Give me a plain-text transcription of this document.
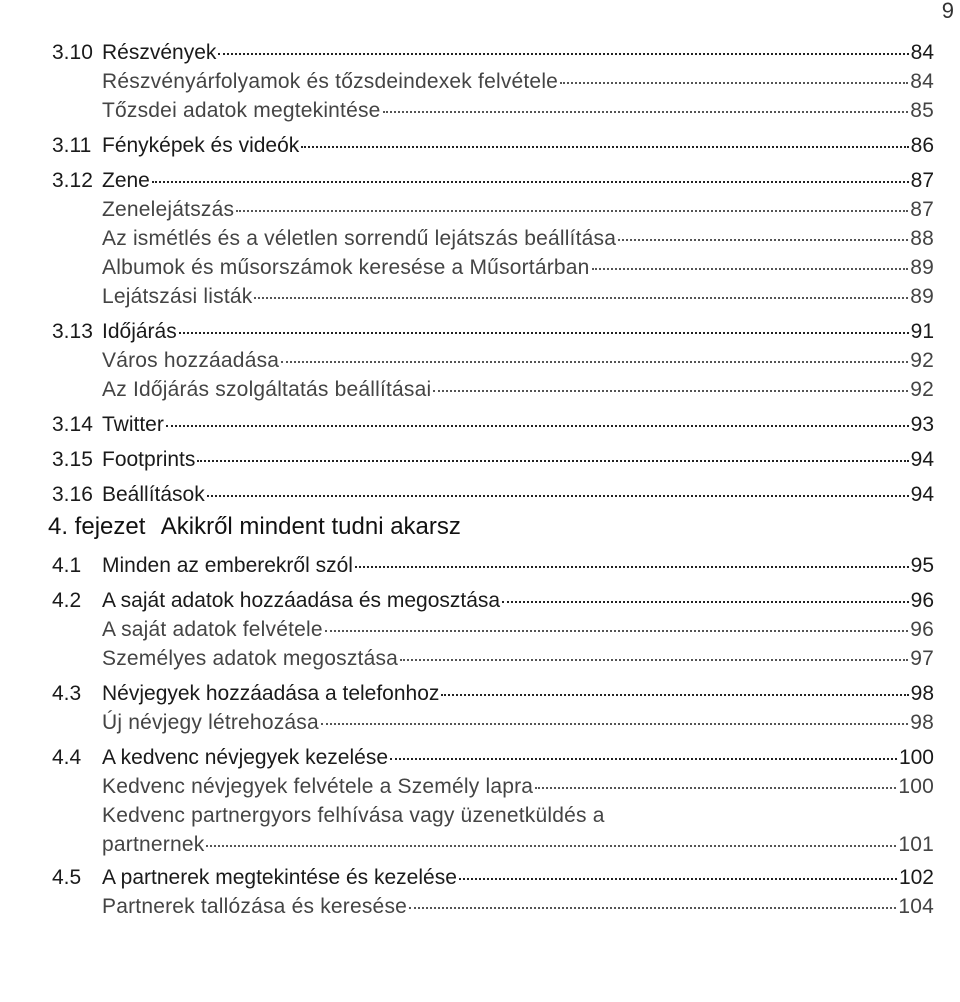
9
3.10 Részvények	84
Részvényárfolyamok és tőzsdeindexek felvétele	84
Tőzsdei adatok megtekintése	85
3.11 Fényképek és videók	86
3.12 Zene	87
Zenelejátszás	87
Az ismétlés és a véletlen sorrendű lejátszás beállítása	88
Albumok és műsorszámok keresése a Műsortárban	89
Lejátszási listák	89
3.13 Időjárás	91
Város hozzáadása	92
Az Időjárás szolgáltatás beállításai	92
3.14 Twitter	93
3.15 Footprints	94
3.16 Beállítások	94
4. fejezet Akikről mindent tudni akarsz
4.1 Minden az emberekről szól	95
4.2 A saját adatok hozzáadása és megosztása	96
A saját adatok felvétele	96
Személyes adatok megosztása	97
4.3 Névjegyek hozzáadása a telefonhoz	98
Új névjegy létrehozása	98
4.4 A kedvenc névjegyek kezelése	100
Kedvenc névjegyek felvétele a Személy lapra	100
Kedvenc partnergyors felhívása vagy üzenetküldés a
partnernek	101
4.5 A partnerek megtekintése és kezelése	102
Partnerek tallózása és keresése	104
